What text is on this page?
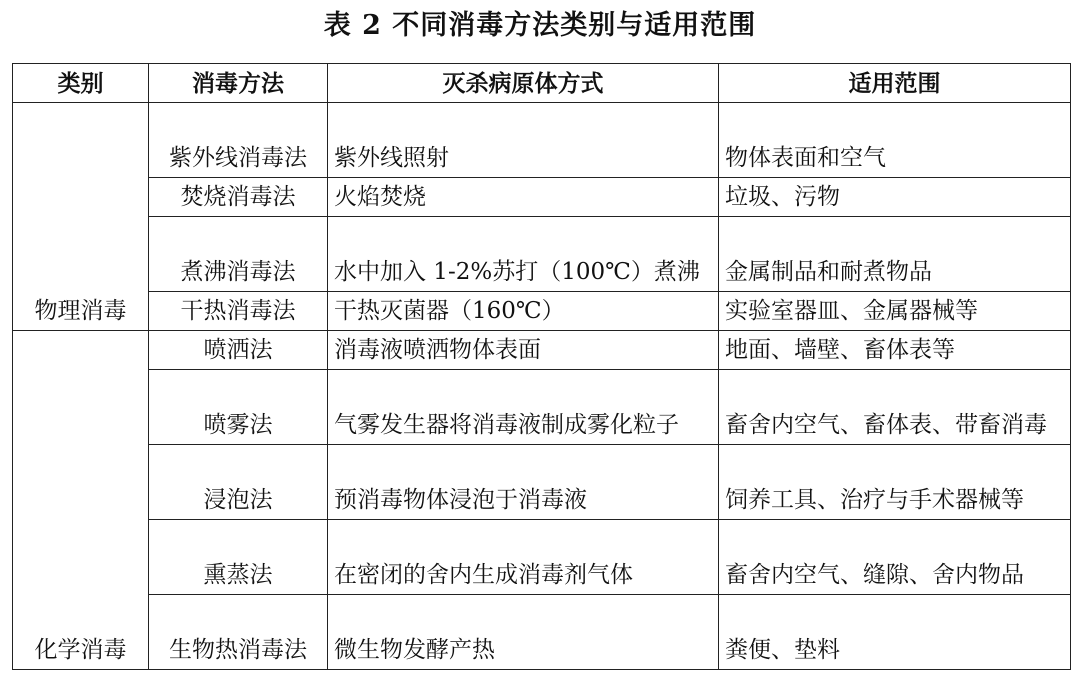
表 2 不同消毒方法类别与适用范围
类别	消毒方法	灭杀病原体方式	适用范围
物理消毒	紫外线消毒法	紫外线照射	物体表面和空气
	焚烧消毒法	火焰焚烧	垃圾、污物
	煮沸消毒法	水中加入 1-2%苏打（100℃）煮沸	金属制品和耐煮物品
	干热消毒法	干热灭菌器（160℃）	实验室器皿、金属器械等
化学消毒	喷洒法	消毒液喷洒物体表面	地面、墙壁、畜体表等
	喷雾法	气雾发生器将消毒液制成雾化粒子	畜舍内空气、畜体表、带畜消毒
	浸泡法	预消毒物体浸泡于消毒液	饲养工具、治疗与手术器械等
	熏蒸法	在密闭的舍内生成消毒剂气体	畜舍内空气、缝隙、舍内物品
	生物热消毒法	微生物发酵产热	粪便、垫料
